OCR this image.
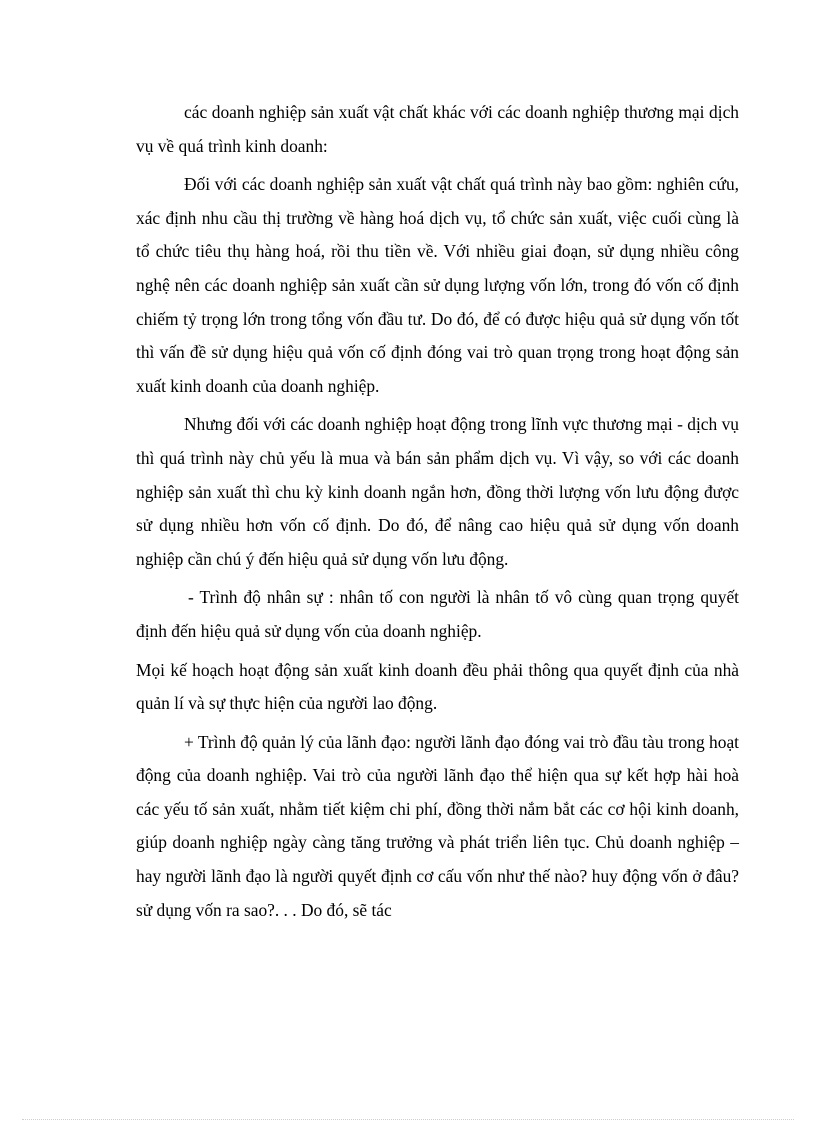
các doanh nghiệp sản xuất vật chất khác với các doanh nghiệp thương mại dịch vụ về quá trình kinh doanh:

Đối với các doanh nghiệp sản xuất vật chất quá trình này bao gồm: nghiên cứu, xác định nhu cầu thị trường về hàng hoá dịch vụ, tổ chức sản xuất, việc cuối cùng là tổ chức tiêu thụ hàng hoá, rồi thu tiền về. Với nhiều giai đoạn, sử dụng nhiều công nghệ nên các doanh nghiệp sản xuất cần sử dụng lượng vốn lớn, trong đó vốn cố định chiếm tỷ trọng lớn trong tổng vốn đầu tư. Do đó, để có được hiệu quả sử dụng vốn tốt thì vấn đề sử dụng hiệu quả vốn cố định đóng vai trò quan trọng trong hoạt động sản xuất kinh doanh của doanh nghiệp.

Nhưng đối với các doanh nghiệp hoạt động trong lĩnh vực thương mại - dịch vụ thì quá trình này chủ yếu là mua và bán sản phẩm dịch vụ. Vì vậy, so với các doanh nghiệp sản xuất thì chu kỳ kinh doanh ngắn hơn, đồng thời lượng vốn lưu động được sử dụng nhiều hơn vốn cố định. Do đó, để nâng cao hiệu quả sử dụng vốn doanh nghiệp cần chú ý đến hiệu quả sử dụng vốn lưu động.

- Trình độ nhân sự : nhân tố con người là nhân tố vô cùng quan trọng quyết định đến hiệu quả sử dụng vốn của doanh nghiệp.

Mọi kế hoạch hoạt động sản xuất kinh doanh đều phải thông qua quyết định của nhà quản lí và sự thực hiện của người lao động.

+ Trình độ quản lý của lãnh đạo: người lãnh đạo đóng vai trò đầu tàu trong hoạt động của doanh nghiệp. Vai trò của người lãnh đạo thể hiện qua sự kết hợp hài hoà các yếu tố sản xuất, nhằm tiết kiệm chi phí, đồng thời nắm bắt các cơ hội kinh doanh, giúp doanh nghiệp ngày càng tăng trưởng và phát triển liên tục. Chủ doanh nghiệp – hay người lãnh đạo là người quyết định cơ cấu vốn như thế nào? huy động vốn ở đâu? sử dụng vốn ra sao?. . . Do đó, sẽ tác
